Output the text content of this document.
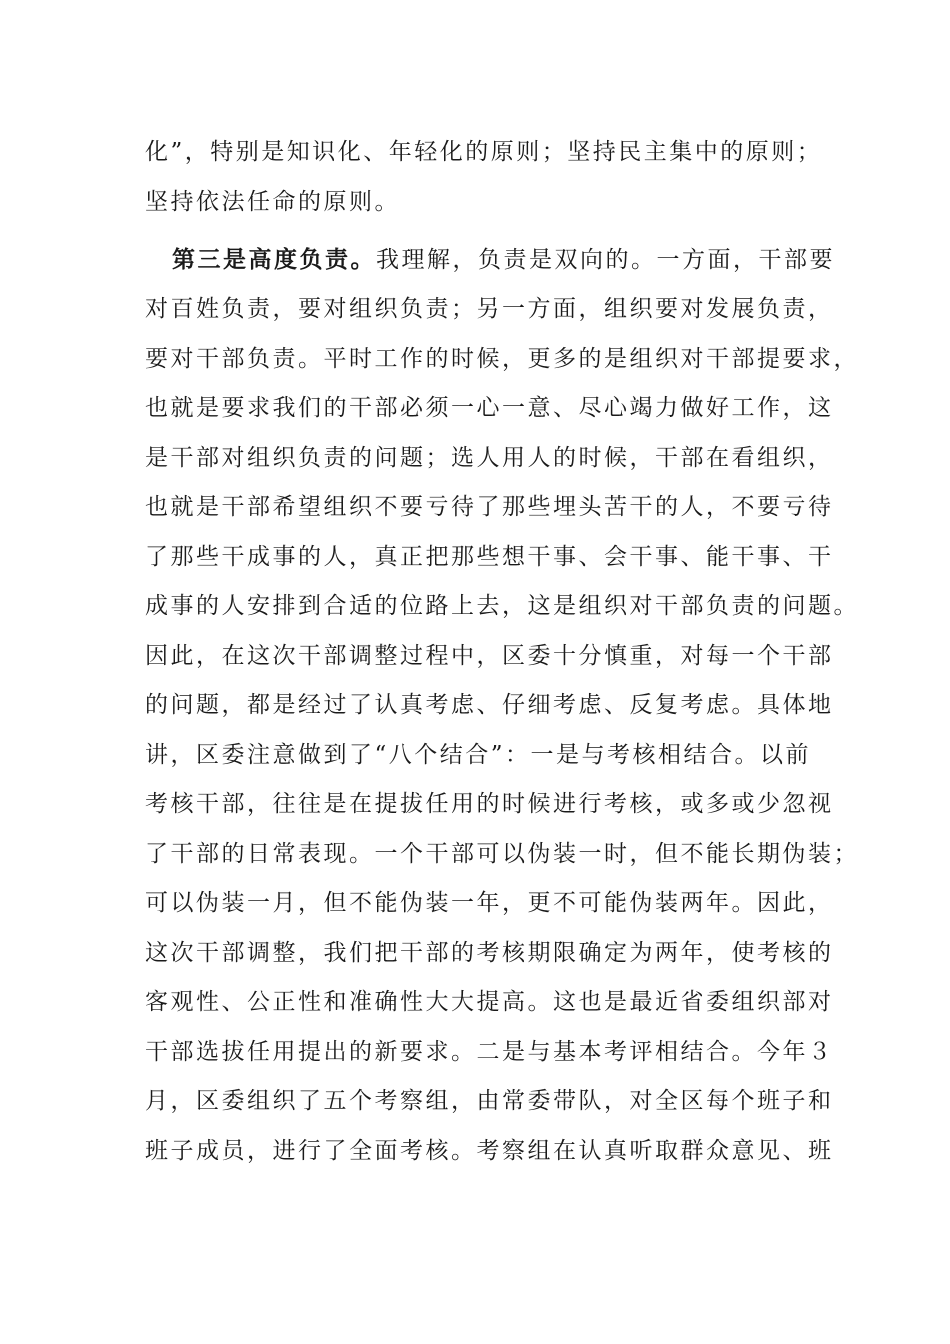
化”，特别是知识化、年轻化的原则；坚持民主集中的原则；
坚持依法任命的原则。
第三是高度负责。我理解，负责是双向的。一方面，干部要
对百姓负责，要对组织负责；另一方面，组织要对发展负责，
要对干部负责。平时工作的时候，更多的是组织对干部提要求，
也就是要求我们的干部必须一心一意、尽心竭力做好工作，这
是干部对组织负责的问题；选人用人的时候，干部在看组织，
也就是干部希望组织不要亏待了那些埋头苦干的人，不要亏待
了那些干成事的人，真正把那些想干事、会干事、能干事、干
成事的人安排到合适的位路上去，这是组织对干部负责的问题。
因此，在这次干部调整过程中，区委十分慎重，对每一个干部
的问题，都是经过了认真考虑、仔细考虑、反复考虑。具体地
讲，区委注意做到了“八个结合”：一是与考核相结合。以前
考核干部，往往是在提拔任用的时候进行考核，或多或少忽视
了干部的日常表现。一个干部可以伪装一时，但不能长期伪装；
可以伪装一月，但不能伪装一年，更不可能伪装两年。因此，
这次干部调整，我们把干部的考核期限确定为两年，使考核的
客观性、公正性和准确性大大提高。这也是最近省委组织部对
干部选拔任用提出的新要求。二是与基本考评相结合。今年３
月，区委组织了五个考察组，由常委带队，对全区每个班子和
班子成员，进行了全面考核。考察组在认真听取群众意见、班
